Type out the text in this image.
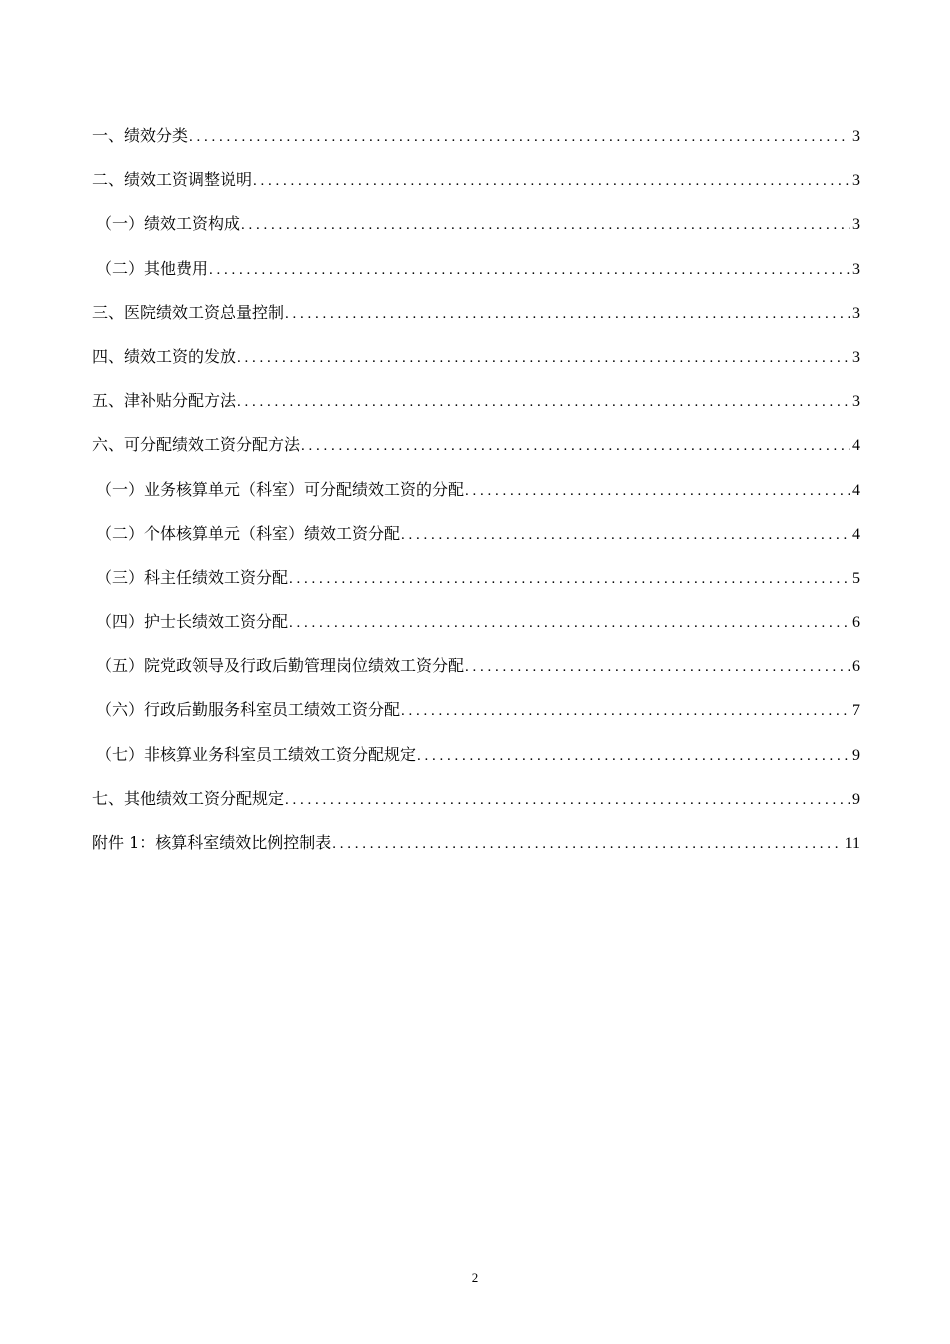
一、绩效分类 . . .	3
二、绩效工资调整说明 . . .	3
（一）绩效工资构成 . . .	3
（二）其他费用 . . .	3
三、医院绩效工资总量控制 . . .	3
四、绩效工资的发放 . . .	3
五、津补贴分配方法 . . .	3
六、可分配绩效工资分配方法 . . .	4
（一）业务核算单元（科室）可分配绩效工资的分配 . . .	4
（二）个体核算单元（科室）绩效工资分配 . . .	4
（三）科主任绩效工资分配 . . .	5
（四）护士长绩效工资分配 . . .	6
（五）院党政领导及行政后勤管理岗位绩效工资分配 . . .	6
（六）行政后勤服务科室员工绩效工资分配 . . .	7
（七）非核算业务科室员工绩效工资分配规定 . . .	9
七、其他绩效工资分配规定 . . .	9
附件 1：核算科室绩效比例控制表 . . .	11
2
